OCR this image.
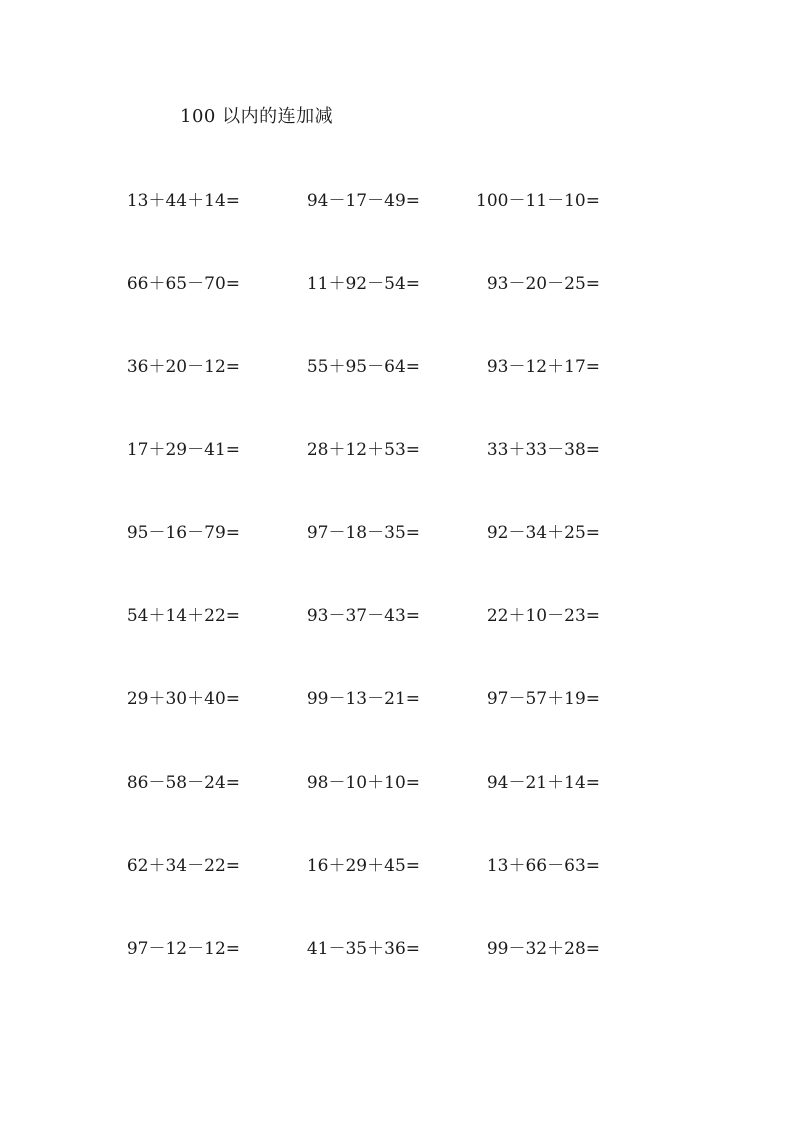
100 以内的连加减
13＋44＋14=	94－17－49=	100－11－10=
66＋65－70=	11＋92－54=	93－20－25=
36＋20－12=	55＋95－64=	93－12＋17=
17＋29－41=	28＋12＋53=	33＋33－38=
95－16－79=	97－18－35=	92－34＋25=
54＋14＋22=	93－37－43=	22＋10－23=
29＋30＋40=	99－13－21=	97－57＋19=
86－58－24=	98－10＋10=	94－21＋14=
62＋34－22=	16＋29＋45=	13＋66－63=
97－12－12=	41－35＋36=	99－32＋28=
